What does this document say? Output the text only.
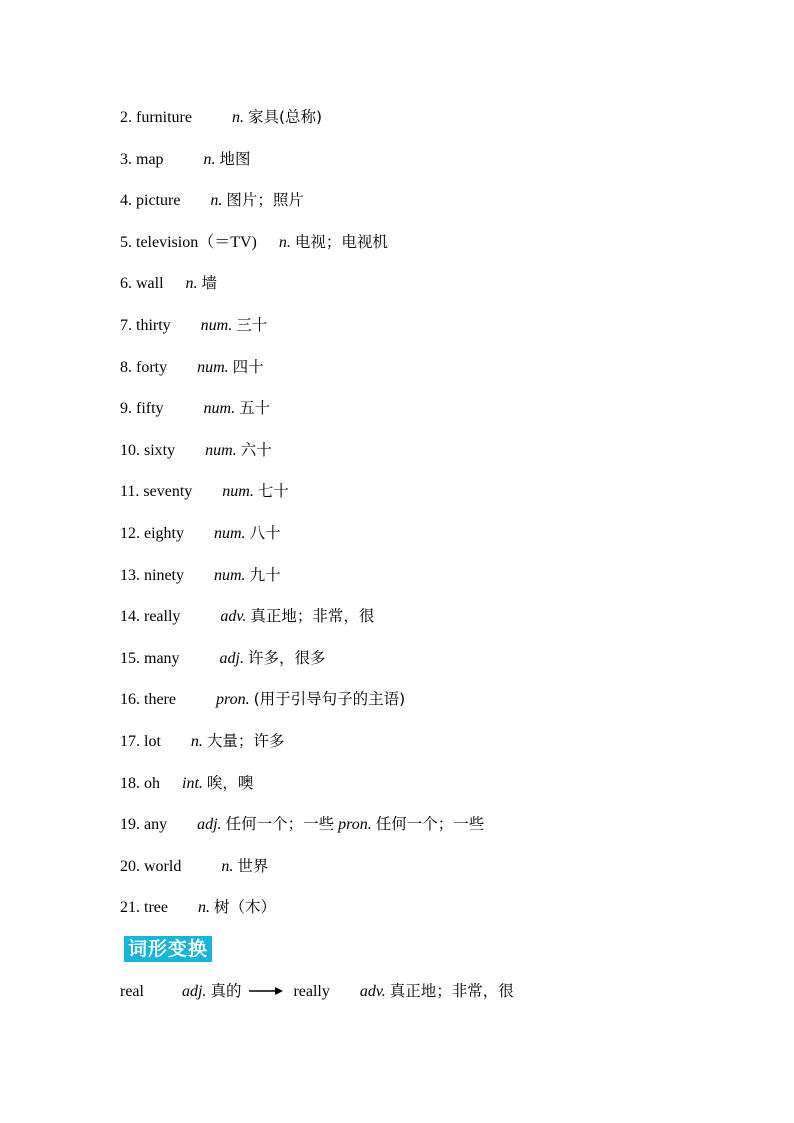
2. furniture	n. 家具(总称)
3. map	n. 地图
4. picture n. 图片；照片
5. television（＝TV) n. 电视；电视机
6. wall n. 墙
7. thirty num. 三十
8. forty num. 四十
9. fifty	num. 五十
10. sixty num. 六十
11. seventy num. 七十
12. eighty num. 八十
13. ninety num. 九十
14. really	adv. 真正地；非常，很
15. many	adj. 许多，很多
16. there	pron. (用于引导句子的主语)
17. lot n. 大量；许多
18. oh int. 唉，噢
19. any adj. 任何一个；一些 pron. 任何一个；一些
20. world	n. 世界
21. tree n. 树（木）
词形变换
real adj. 真的	really adv. 真正地；非常，很
